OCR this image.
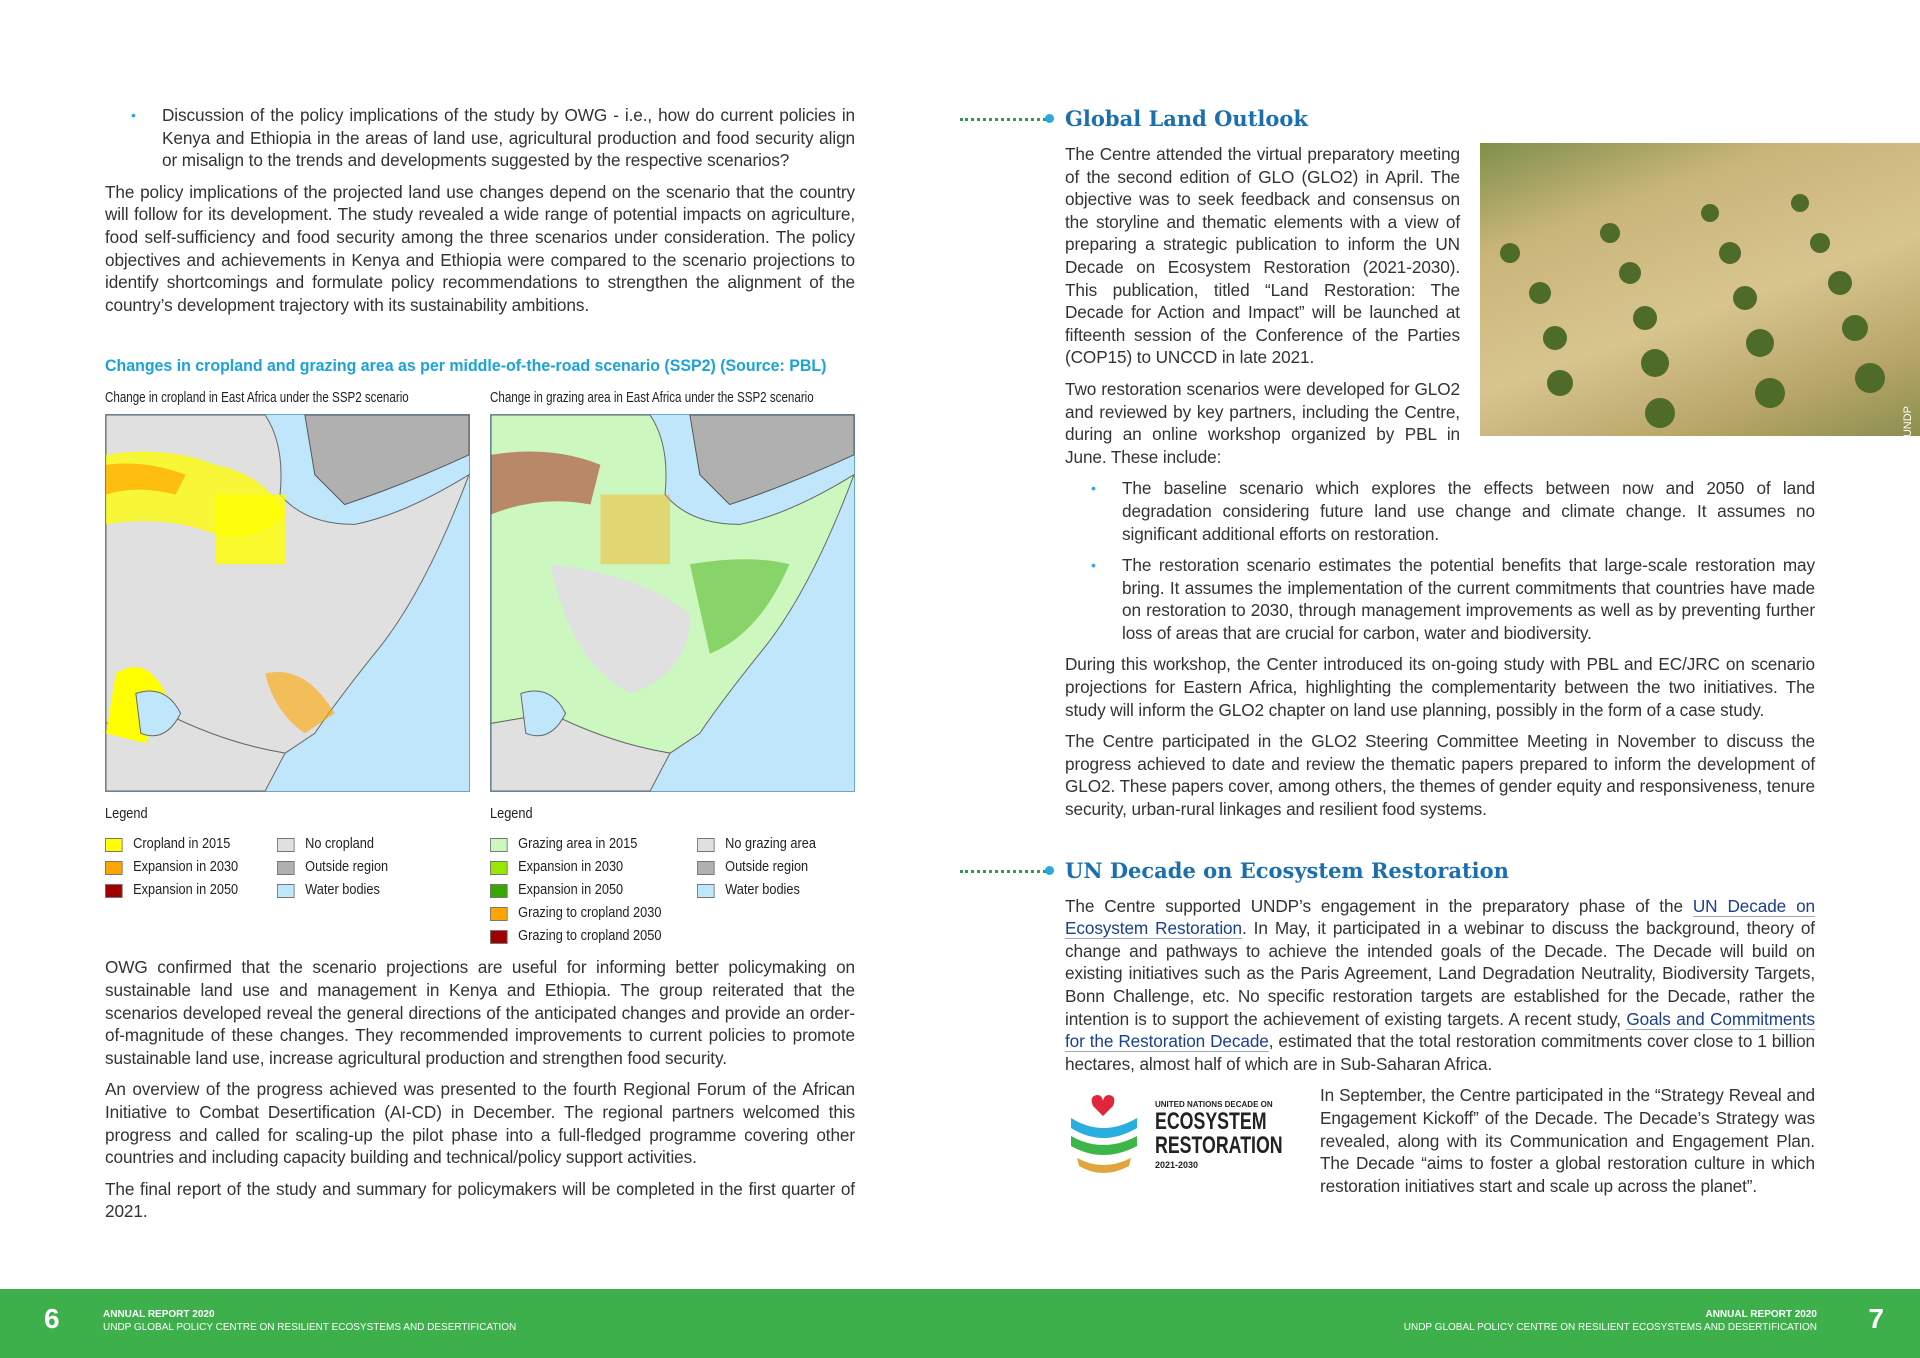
• Discussion of the policy implications of the study by OWG - i.e., how do current policies in Kenya and Ethiopia in the areas of land use, agricultural production and food security align or misalign to the trends and developments suggested by the respective scenarios?
The policy implications of the projected land use changes depend on the scenario that the country will follow for its development. The study revealed a wide range of potential impacts on agriculture, food self-sufficiency and food security among the three scenarios under consideration. The policy objectives and achievements in Kenya and Ethiopia were compared to the scenario projections to identify shortcomings and formulate policy recommendations to strengthen the alignment of the country’s development trajectory with its sustainability ambitions.
Changes in cropland and grazing area as per middle-of-the-road scenario (SSP2) (Source: PBL)
Change in cropland in East Africa under the SSP2 scenario	Change in grazing area in East Africa under the SSP2 scenario
Legend
Cropland in 2015
Expansion in 2030
Expansion in 2050
No cropland
Outside region
Water bodies
Legend
Grazing area in 2015
Expansion in 2030
Expansion in 2050
Grazing to cropland 2030
Grazing to cropland 2050
No grazing area
Outside region
Water bodies
OWG confirmed that the scenario projections are useful for informing better policymaking on sustainable land use and management in Kenya and Ethiopia. The group reiterated that the scenarios developed reveal the general directions of the anticipated changes and provide an order-of-magnitude of these changes. They recommended improvements to current policies to promote sustainable land use, increase agricultural production and strengthen food security.
An overview of the progress achieved was presented to the fourth Regional Forum of the African Initiative to Combat Desertification (AI-CD) in December. The regional partners welcomed this progress and called for scaling-up the pilot phase into a full-fledged programme covering other countries and including capacity building and technical/policy support activities.
The final report of the study and summary for policymakers will be completed in the first quarter of 2021.
Global Land Outlook
Photo: UNDP
The Centre attended the virtual preparatory meeting of the second edition of GLO (GLO2) in April. The objective was to seek feedback and consensus on the storyline and thematic elements with a view of preparing a strategic publication to inform the UN Decade on Ecosystem Restoration (2021-2030). This publication, titled “Land Restoration: The Decade for Action and Impact” will be launched at fifteenth session of the Conference of the Parties (COP15) to UNCCD in late 2021.
Two restoration scenarios were developed for GLO2 and reviewed by key partners, including the Centre, during an online workshop organized by PBL in June. These include:
• The baseline scenario which explores the effects between now and 2050 of land degradation considering future land use change and climate change. It assumes no significant additional efforts on restoration.
• The restoration scenario estimates the potential benefits that large-scale restoration may bring. It assumes the implementation of the current commitments that countries have made on restoration to 2030, through management improvements as well as by preventing further loss of areas that are crucial for carbon, water and biodiversity.
During this workshop, the Center introduced its on-going study with PBL and EC/JRC on scenario projections for Eastern Africa, highlighting the complementarity between the two initiatives. The study will inform the GLO2 chapter on land use planning, possibly in the form of a case study.
The Centre participated in the GLO2 Steering Committee Meeting in November to discuss the progress achieved to date and review the thematic papers prepared to inform the development of GLO2. These papers cover, among others, the themes of gender equity and responsiveness, tenure security, urban-rural linkages and resilient food systems.
UN Decade on Ecosystem Restoration
The Centre supported UNDP’s engagement in the preparatory phase of the UN Decade on Ecosystem Restoration. In May, it participated in a webinar to discuss the background, theory of change and pathways to achieve the intended goals of the Decade. The Decade will build on existing initiatives such as the Paris Agreement, Land Degradation Neutrality, Biodiversity Targets, Bonn Challenge, etc. No specific restoration targets are established for the Decade, rather the intention is to support the achievement of existing targets. A recent study, Goals and Commitments for the Restoration Decade, estimated that the total restoration commitments cover close to 1 billion hectares, almost half of which are in Sub-Saharan Africa.
UNITED NATIONS DECADE ON
ECOSYSTEM
RESTORATION
2021-2030
In September, the Centre participated in the “Strategy Reveal and Engagement Kickoff” of the Decade. The Decade’s Strategy was revealed, along with its Communication and Engagement Plan. The Decade “aims to foster a global restoration culture in which restoration initiatives start and scale up across the planet”.
6	ANNUAL REPORT 2020
UNDP GLOBAL POLICY CENTRE ON RESILIENT ECOSYSTEMS AND DESERTIFICATION
ANNUAL REPORT 2020
UNDP GLOBAL POLICY CENTRE ON RESILIENT ECOSYSTEMS AND DESERTIFICATION 7
